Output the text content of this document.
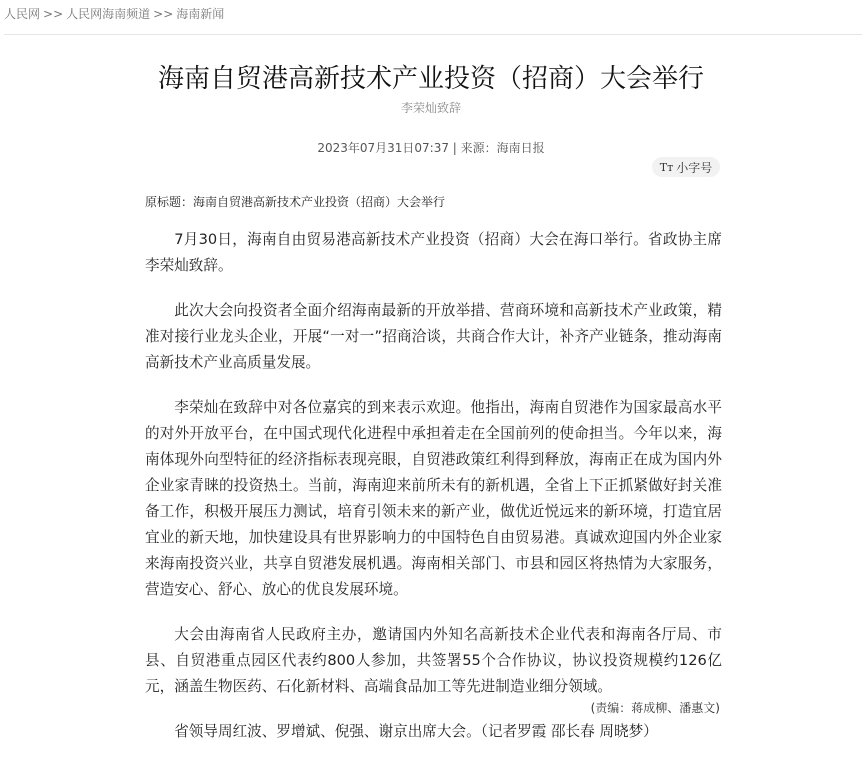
人民网 >> 人民网海南频道 >> 海南新闻
海南自贸港高新技术产业投资（招商）大会举行
李荣灿致辞
2023年07月31日07:37 | 来源：海南日报
Tт 小字号
原标题：海南自贸港高新技术产业投资（招商）大会举行

7月30日，海南自由贸易港高新技术产业投资（招商）大会在海口举行。省政协主席李荣灿致辞。

此次大会向投资者全面介绍海南最新的开放举措、营商环境和高新技术产业政策，精准对接行业龙头企业，开展“一对一”招商洽谈，共商合作大计，补齐产业链条，推动海南高新技术产业高质量发展。

李荣灿在致辞中对各位嘉宾的到来表示欢迎。他指出，海南自贸港作为国家最高水平的对外开放平台，在中国式现代化进程中承担着走在全国前列的使命担当。今年以来，海南体现外向型特征的经济指标表现亮眼，自贸港政策红利得到释放，海南正在成为国内外企业家青睐的投资热土。当前，海南迎来前所未有的新机遇，全省上下正抓紧做好封关准备工作，积极开展压力测试，培育引领未来的新产业，做优近悦远来的新环境，打造宜居宜业的新天地，加快建设具有世界影响力的中国特色自由贸易港。真诚欢迎国内外企业家来海南投资兴业，共享自贸港发展机遇。海南相关部门、市县和园区将热情为大家服务，营造安心、舒心、放心的优良发展环境。

大会由海南省人民政府主办，邀请国内外知名高新技术企业代表和海南各厅局、市县、自贸港重点园区代表约800人参加，共签署55个合作协议，协议投资规模约126亿元，涵盖生物医药、石化新材料、高端食品加工等先进制造业细分领域。

省领导周红波、罗增斌、倪强、谢京出席大会。（记者罗霞 邵长春 周晓梦）

(责编：蒋成柳、潘惠文)
